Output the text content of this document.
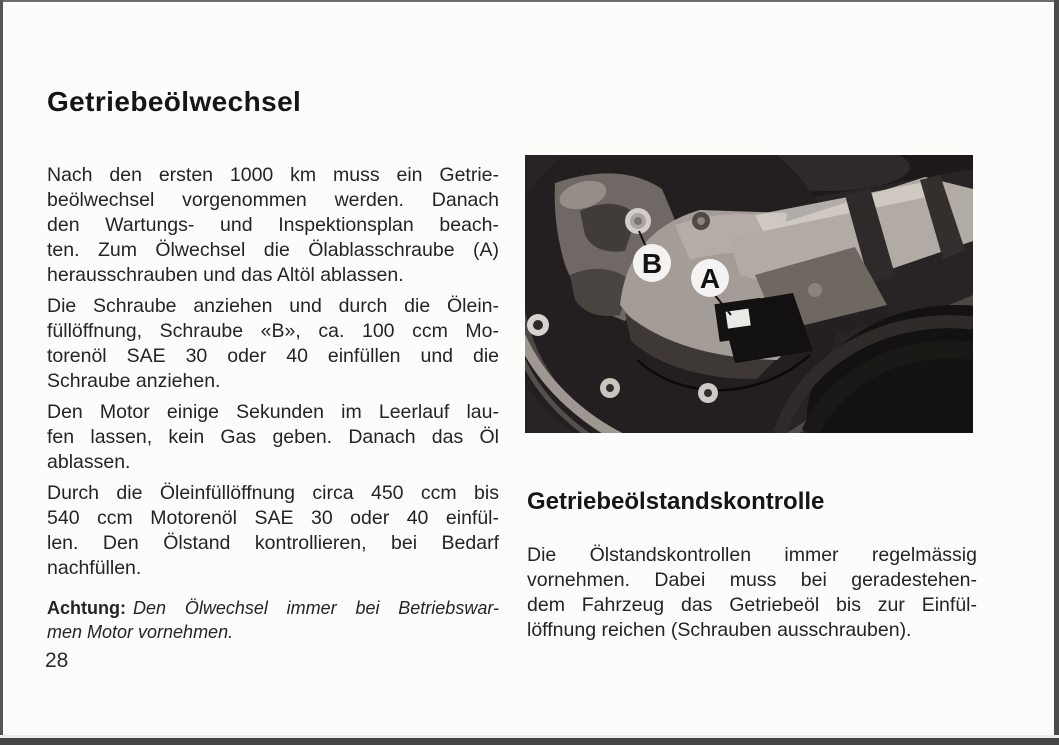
Getriebeölwechsel
Nach den ersten 1000 km muss ein Getrie-
beölwechsel vorgenommen werden. Danach
den Wartungs- und Inspektionsplan beach-
ten. Zum Ölwechsel die Ölablasschraube (A)
herausschrauben und das Altöl ablassen.
Die Schraube anziehen und durch die Ölein-
füllöffnung, Schraube «B», ca. 100 ccm Mo-
torenöl SAE 30 oder 40 einfüllen und die
Schraube anziehen.
Den Motor einige Sekunden im Leerlauf lau-
fen lassen, kein Gas geben. Danach das Öl
ablassen.
Durch die Öleinfüllöffnung circa 450 ccm bis
540 ccm Motorenöl SAE 30 oder 40 einfül-
len. Den Ölstand kontrollieren, bei Bedarf
nachfüllen.
Achtung: Den Ölwechsel immer bei Betriebswar-
men Motor vornehmen.
28
B A
Getriebeölstandskontrolle
Die Ölstandskontrollen immer regelmässig
vornehmen. Dabei muss bei geradestehen-
dem Fahrzeug das Getriebeöl bis zur Einfül-
löffnung reichen (Schrauben ausschrauben).
